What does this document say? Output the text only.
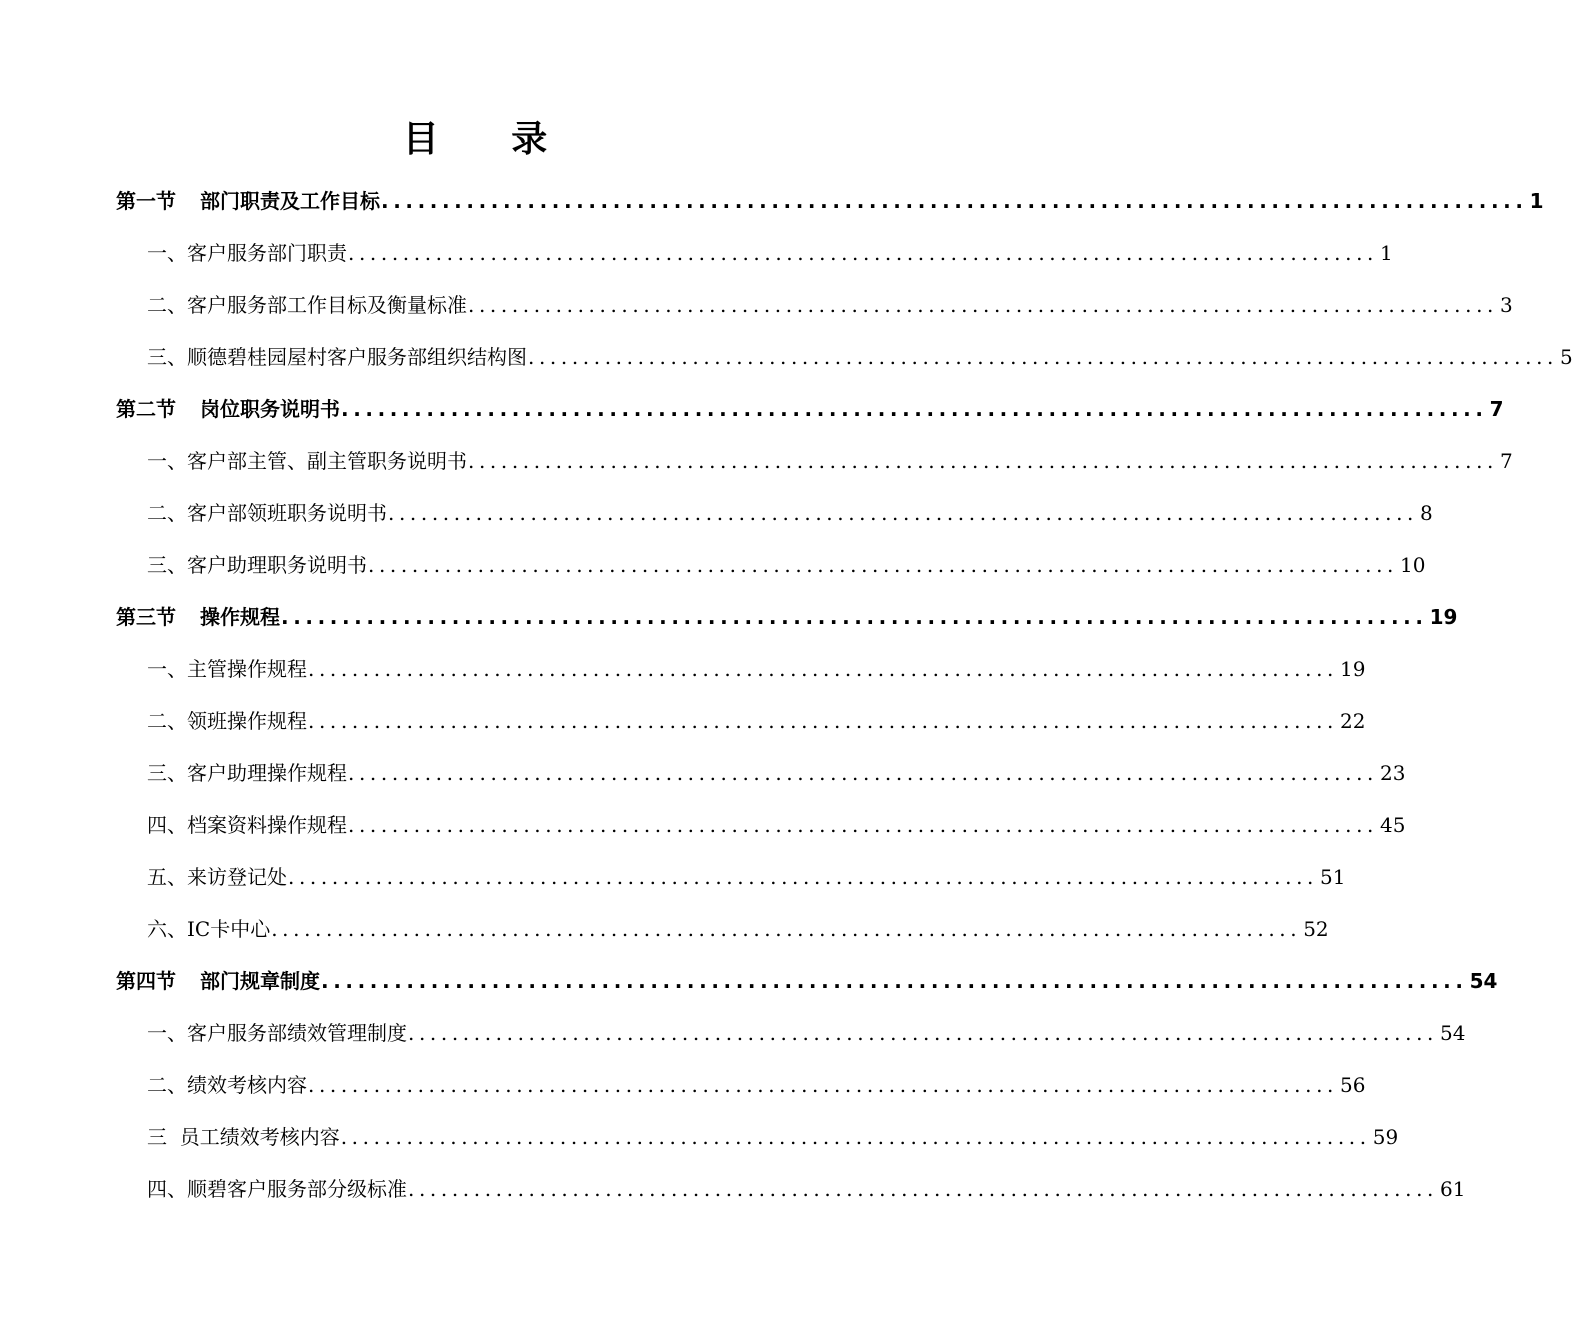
目 录
第一节 部门职责及工作目标 .............................................................................................. 1
一、客户服务部门职责 .............................................................................................. 1
二、客户服务部工作目标及衡量标准 .............................................................................................. 3
三、顺德碧桂园屋村客户服务部组织结构图 .............................................................................................. 5
第二节 岗位职务说明书 .............................................................................................. 7
一、客户部主管、副主管职务说明书 .............................................................................................. 7
二、客户部领班职务说明书 .............................................................................................. 8
三、客户助理职务说明书 .............................................................................................. 10
第三节 操作规程 .............................................................................................. 19
一、主管操作规程 .............................................................................................. 19
二、领班操作规程 .............................................................................................. 22
三、客户助理操作规程 .............................................................................................. 23
四、档案资料操作规程 .............................................................................................. 45
五、来访登记处 .............................................................................................. 51
六、IC卡中心 .............................................................................................. 52
第四节 部门规章制度 .............................................................................................. 54
一、客户服务部绩效管理制度 .............................................................................................. 54
二、绩效考核内容 .............................................................................................. 56
三  员工绩效考核内容 .............................................................................................. 59
四、顺碧客户服务部分级标准 .............................................................................................. 61
